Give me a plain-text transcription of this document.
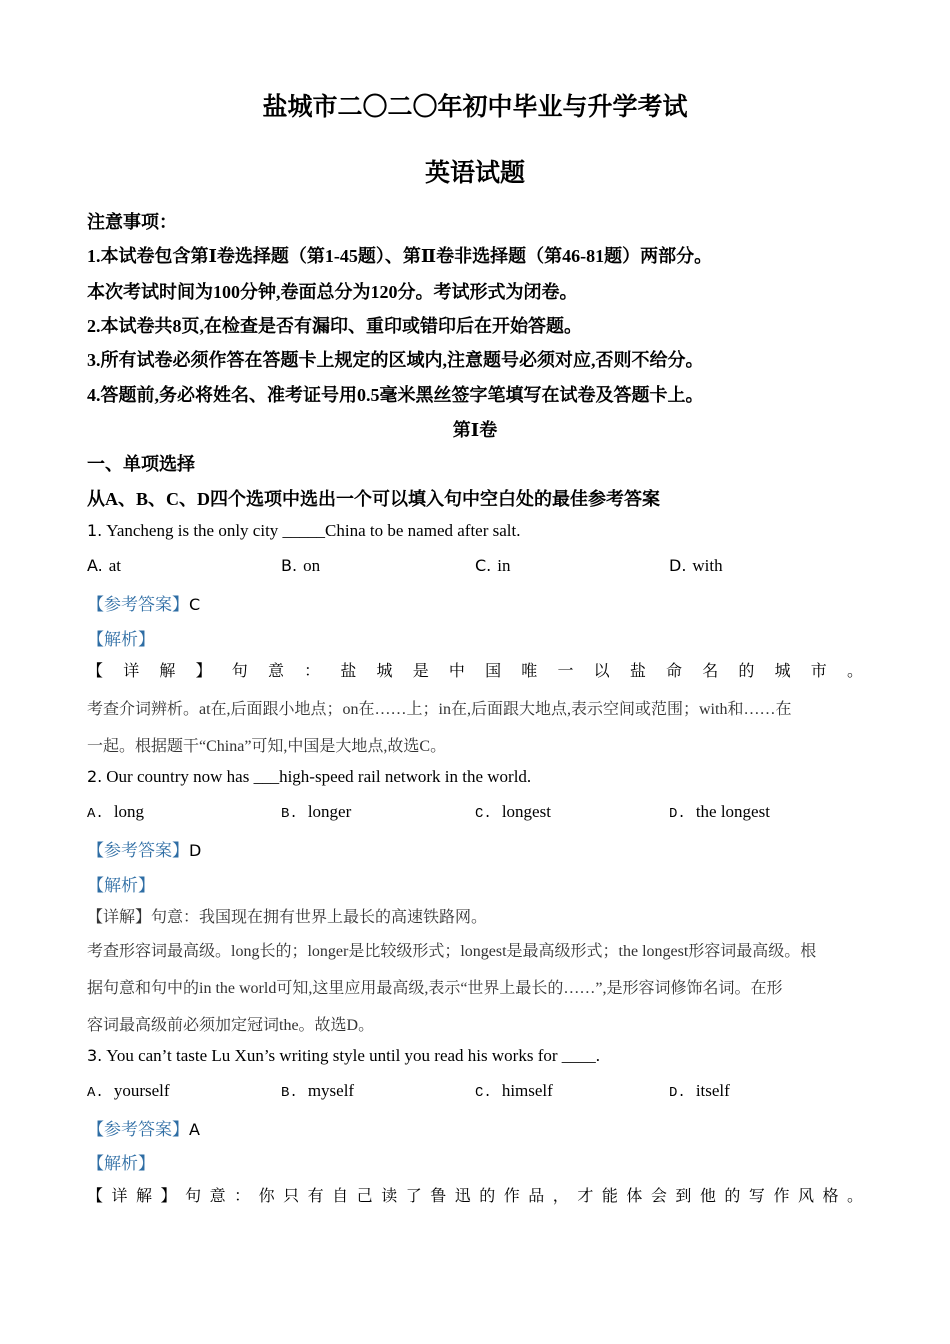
盐城市二〇二〇年初中毕业与升学考试
英语试题
注意事项：
1.本试卷包含第Ⅰ卷选择题（第1-45题）、第Ⅱ卷非选择题（第46-81题）两部分。
本次考试时间为100分钟,卷面总分为120分。考试形式为闭卷。
2.本试卷共8页,在检查是否有漏印、重印或错印后在开始答题。
3.所有试卷必须作答在答题卡上规定的区域内,注意题号必须对应,否则不给分。
4.答题前,务必将姓名、准考证号用0.5毫米黑丝签字笔填写在试卷及答题卡上。
第Ⅰ卷
一、单项选择
从A、B、C、D四个选项中选出一个可以填入句中空白处的最佳参考答案
1. Yancheng is the only city _____China to be named after salt.
A. at	B. on	C. in	D. with
【参考答案】C
【解析】
【详解】句意：盐城是中国唯一以盐命名的城市。
考查介词辨析。at在,后面跟小地点；on在……上；in在,后面跟大地点,表示空间或范围；with和……在
一起。根据题干“China”可知,中国是大地点,故选C。
2. Our country now has ___high-speed rail network in the world.
A. long	B. longer	C. longest	D. the longest
【参考答案】D
【解析】
【详解】句意：我国现在拥有世界上最长的高速铁路网。
考查形容词最高级。long长的；longer是比较级形式；longest是最高级形式；the longest形容词最高级。根
据句意和句中的in the world可知,这里应用最高级,表示“世界上最长的……”,是形容词修饰名词。在形
容词最高级前必须加定冠词the。故选D。
3. You can’t taste Lu Xun’s writing style until you read his works for ____.
A. yourself	B. myself	C. himself	D. itself
【参考答案】A
【解析】
【详解】句意：你只有自己读了鲁迅的作品，才能体会到他的写作风格。
